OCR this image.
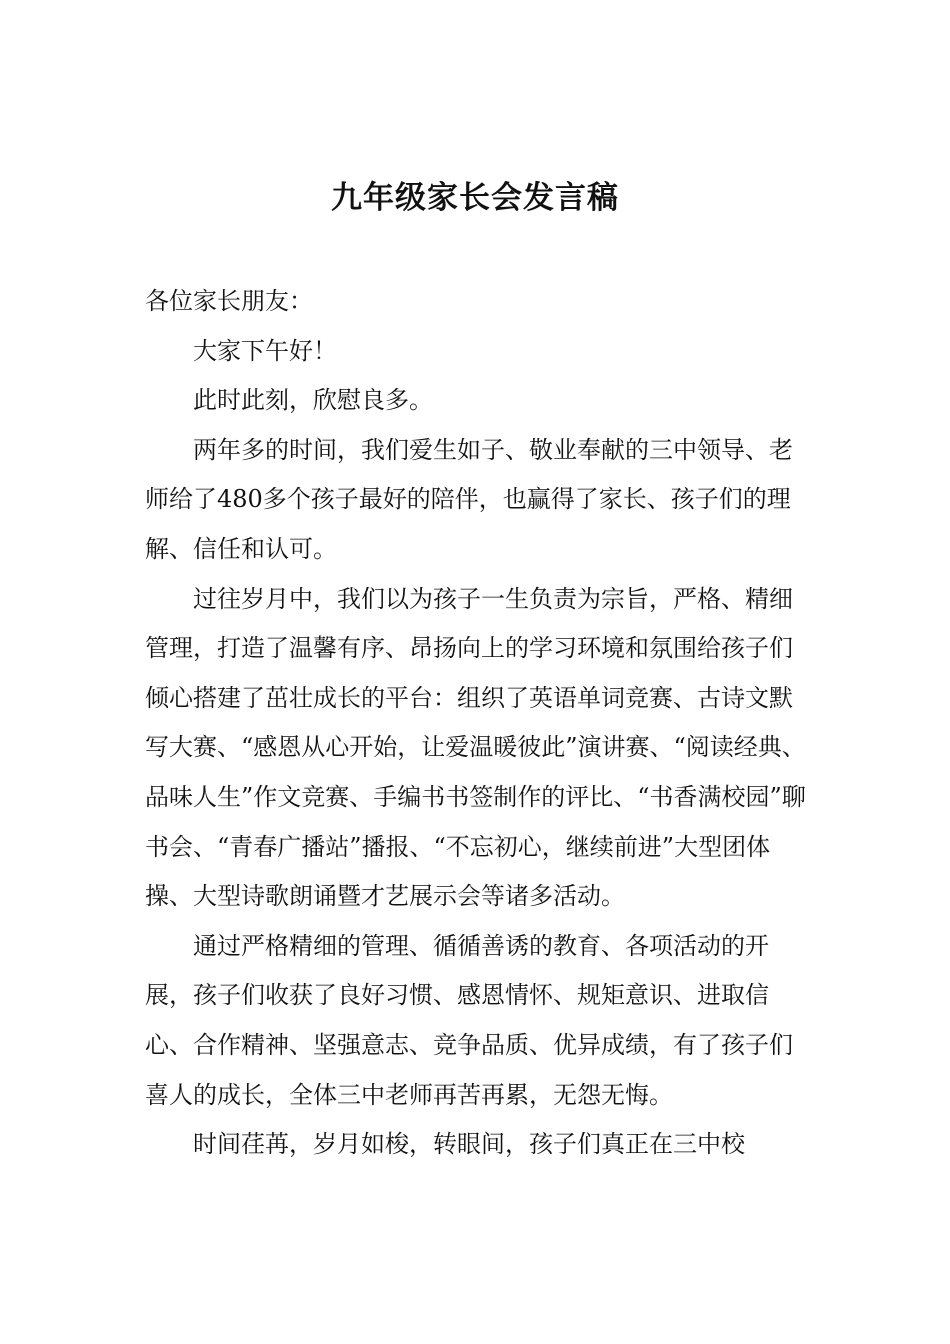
九年级家长会发言稿

各位家长朋友：

大家下午好！

此时此刻，欣慰良多。

两年多的时间，我们爱生如子、敬业奉献的三中领导、老师给了480多个孩子最好的陪伴，也赢得了家长、孩子们的理解、信任和认可。

过往岁月中，我们以为孩子一生负责为宗旨，严格、精细管理，打造了温馨有序、昂扬向上的学习环境和氛围给孩子们倾心搭建了茁壮成长的平台：组织了英语单词竞赛、古诗文默写大赛、“感恩从心开始，让爱温暖彼此”演讲赛、“阅读经典、品味人生”作文竞赛、手编书书签制作的评比、“书香满校园”聊书会、“青春广播站”播报、“不忘初心，继续前进”大型团体操、大型诗歌朗诵暨才艺展示会等诸多活动。

通过严格精细的管理、循循善诱的教育、各项活动的开展，孩子们收获了良好习惯、感恩情怀、规矩意识、进取信心、合作精神、坚强意志、竞争品质、优异成绩，有了孩子们喜人的成长，全体三中老师再苦再累，无怨无悔。

时间荏苒，岁月如梭，转眼间，孩子们真正在三中校
